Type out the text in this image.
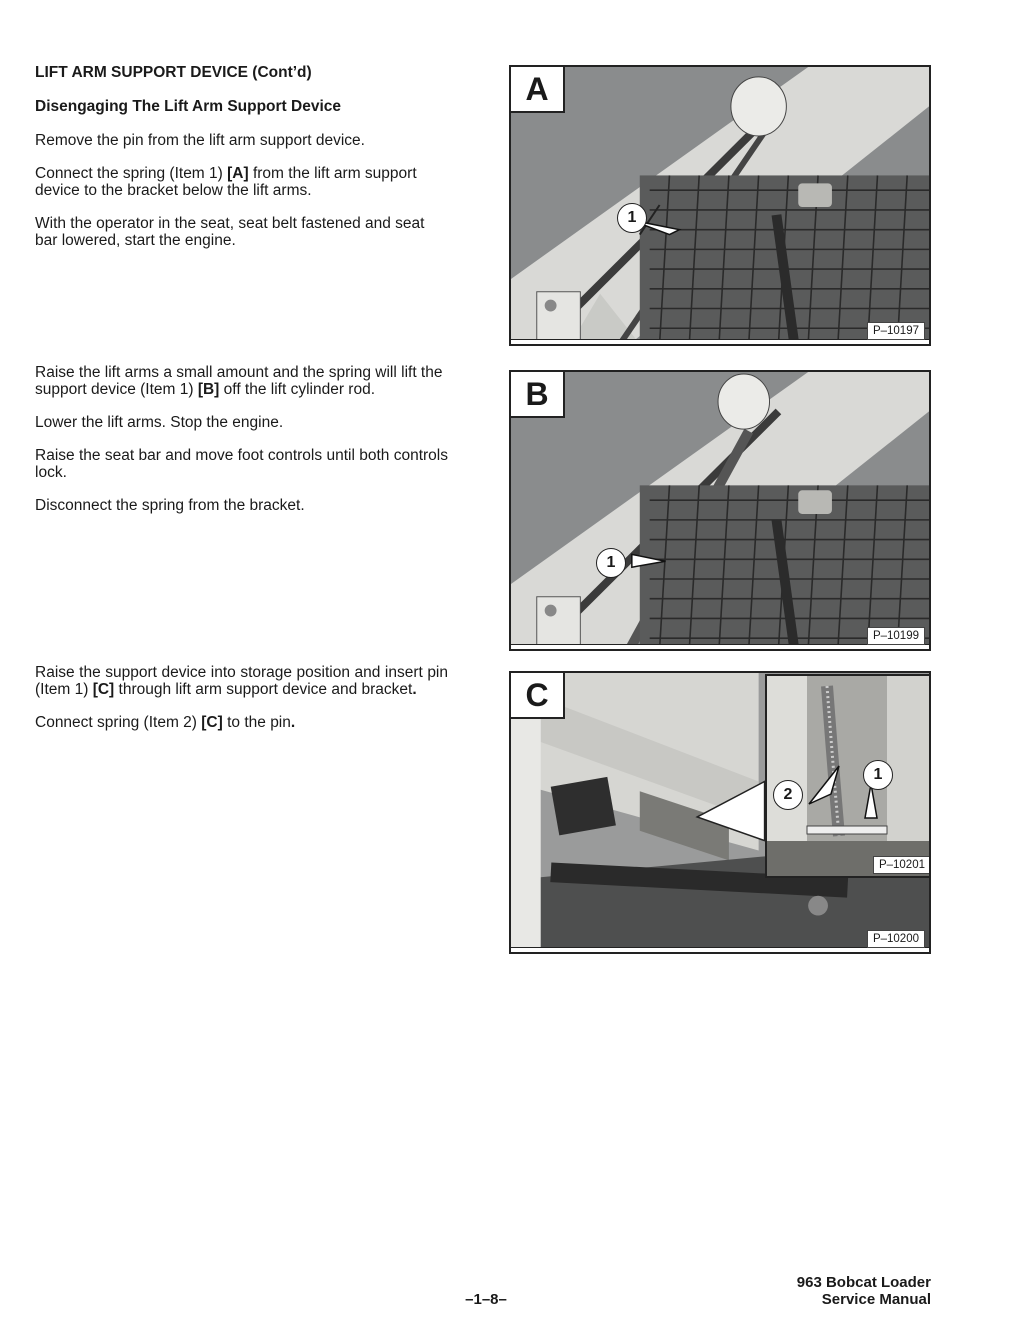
LIFT ARM SUPPORT DEVICE (Cont’d)

Disengaging The Lift Arm Support Device

Remove the pin from the lift arm support device.

Connect the spring (Item 1) [A] from the lift arm support device to the bracket below the lift arms.

With the operator in the seat, seat belt fastened and seat bar lowered, start the engine.

Raise the lift arms a small amount and the spring will lift the support device (Item 1) [B] off the lift cylinder rod.

Lower the lift arms. Stop the engine.

Raise the seat bar and move foot controls until both controls lock.

Disconnect the spring from the bracket.

Raise the support device into storage position and insert pin (Item 1) [C] through lift arm support device and bracket.

Connect spring (Item 2) [C] to the pin.

A
1
P–10197
B
1
P–10199
2
1
P–10201
C
P–10200
–1–8–
963 Bobcat Loader
Service Manual
